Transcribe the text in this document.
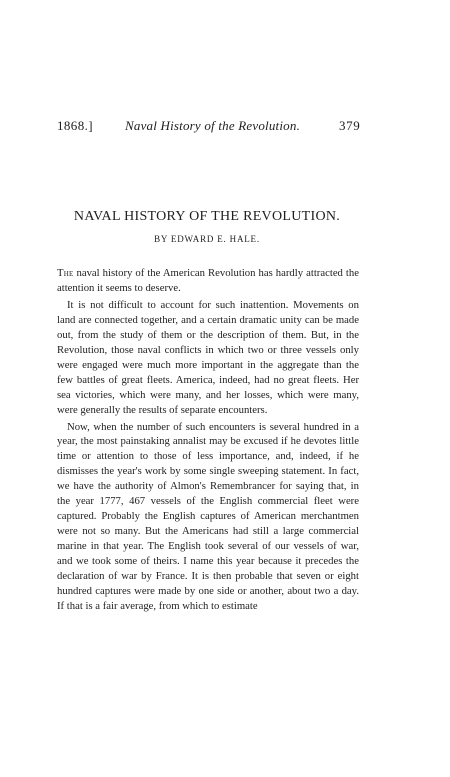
1868.] Naval History of the Revolution.	379
NAVAL HISTORY OF THE REVOLUTION.
BY EDWARD E. HALE.

The naval history of the American Revolution has hardly attracted the attention it seems to deserve.

It is not difficult to account for such inattention. Movements on land are connected together, and a certain dramatic unity can be made out, from the study of them or the description of them. But, in the Revolution, those naval conflicts in which two or three vessels only were engaged were much more important in the aggregate than the few battles of great fleets. America, indeed, had no great fleets. Her sea victories, which were many, and her losses, which were many, were generally the results of separate encounters.

Now, when the number of such encounters is several hundred in a year, the most painstaking annalist may be excused if he devotes little time or attention to those of less importance, and, indeed, if he dismisses the year's work by some single sweeping statement. In fact, we have the authority of Almon's Remembrancer for saying that, in the year 1777, 467 vessels of the English commercial fleet were captured. Probably the English captures of American merchantmen were not so many. But the Americans had still a large commercial marine in that year. The English took several of our vessels of war, and we took some of theirs. I name this year because it precedes the declaration of war by France. It is then probable that seven or eight hundred captures were made by one side or another, about two a day. If that is a fair average, from which to estimate
